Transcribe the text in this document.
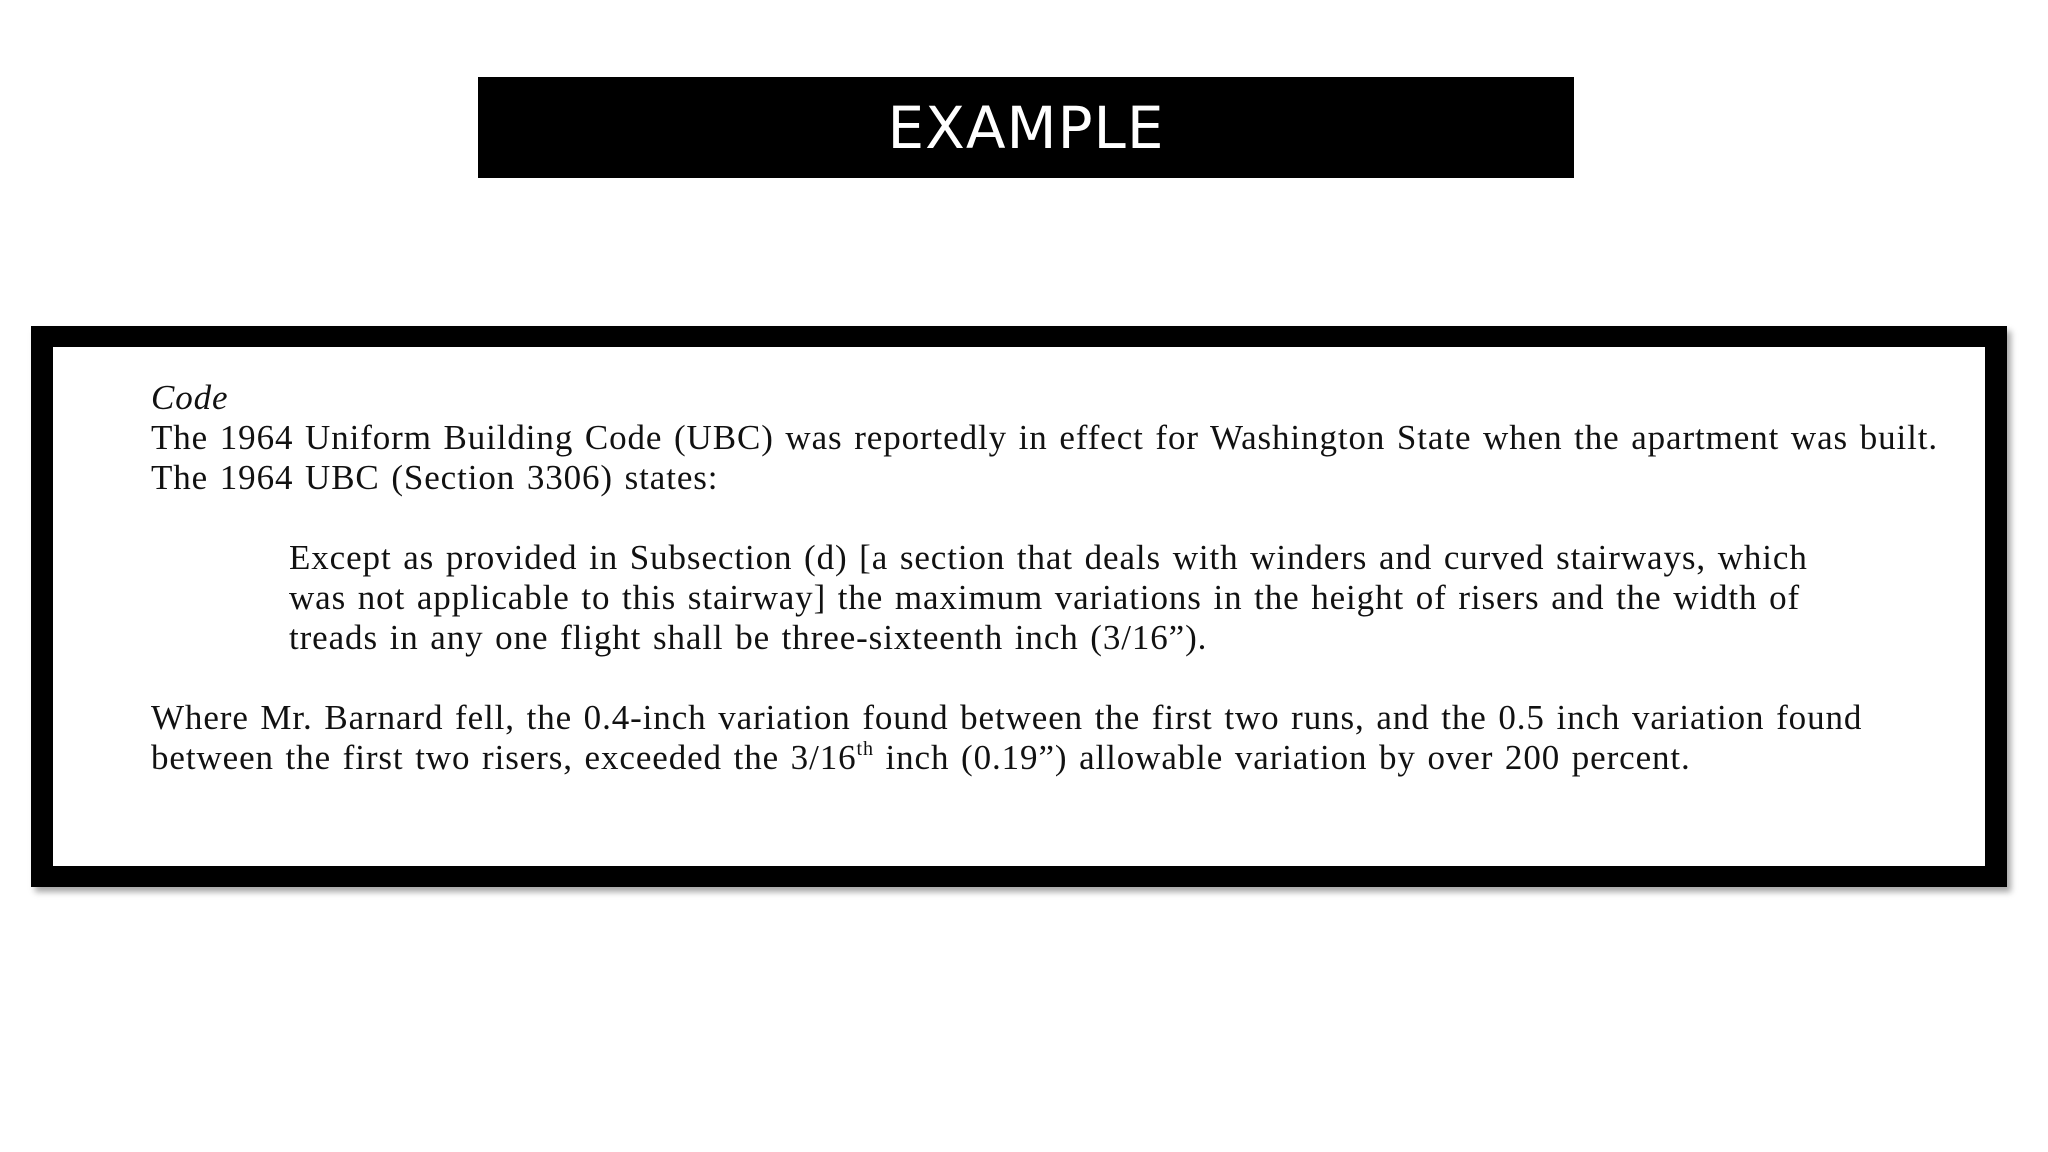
EXAMPLE

Code

The 1964 Uniform Building Code (UBC) was reportedly in effect for Washington State when the apartment was built. The 1964 UBC (Section 3306) states:

Except as provided in Subsection (d) [a section that deals with winders and curved stairways, which was not applicable to this stairway] the maximum variations in the height of risers and the width of treads in any one flight shall be three-sixteenth inch (3/16”).

Where Mr. Barnard fell, the 0.4-inch variation found between the first two runs, and the 0.5 inch variation found between the first two risers, exceeded the 3/16th inch (0.19”) allowable variation by over 200 percent.
